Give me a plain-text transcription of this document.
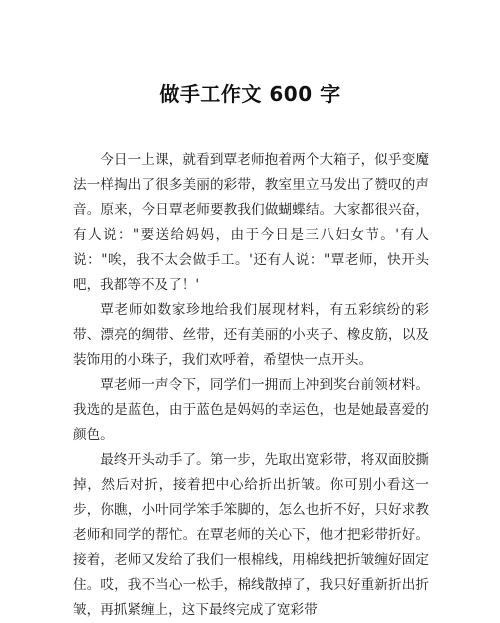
做手工作文 600 字

今日一上课，就看到覃老师抱着两个大箱子，似乎变魔法一样掏出了很多美丽的彩带，教室里立马发出了赞叹的声音。原来，今日覃老师要教我们做蝴蝶结。大家都很兴奋，有人说："要送给妈妈，由于今日是三八妇女节。'有人说："唉，我不太会做手工。'还有人说："覃老师，快开头吧，我都等不及了！'

覃老师如数家珍地给我们展现材料，有五彩缤纷的彩带、漂亮的绸带、丝带，还有美丽的小夹子、橡皮筋，以及装饰用的小珠子，我们欢呼着，希望快一点开头。

覃老师一声令下，同学们一拥而上冲到奖台前领材料。我选的是蓝色，由于蓝色是妈妈的幸运色，也是她最喜爱的颜色。

最终开头动手了。第一步，先取出宽彩带，将双面胶撕掉，然后对折，接着把中心给折出折皱。你可别小看这一步，你瞧，小叶同学笨手笨脚的，怎么也折不好，只好求教老师和同学的帮忙。在覃老师的关心下，他才把彩带折好。接着，老师又发给了我们一根棉线，用棉线把折皱缠好固定住。哎，我不当心一松手，棉线散掉了，我只好重新折出折皱，再抓紧缠上，这下最终完成了宽彩带
